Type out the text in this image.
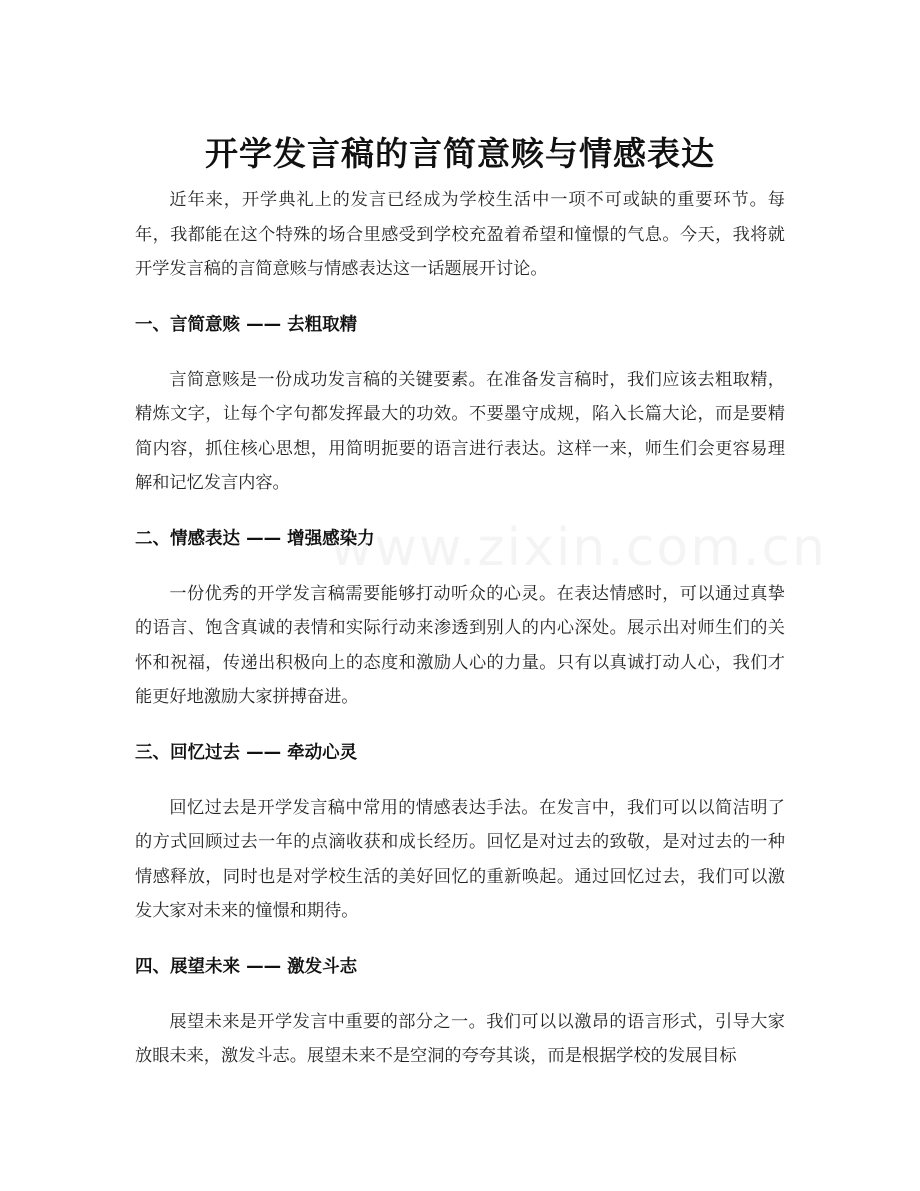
开学发言稿的言简意赅与情感表达

近年来，开学典礼上的发言已经成为学校生活中一项不可或缺的重要环节。每年，我都能在这个特殊的场合里感受到学校充盈着希望和憧憬的气息。今天，我将就开学发言稿的言简意赅与情感表达这一话题展开讨论。

一、言简意赅 —— 去粗取精

言简意赅是一份成功发言稿的关键要素。在准备发言稿时，我们应该去粗取精，精炼文字，让每个字句都发挥最大的功效。不要墨守成规，陷入长篇大论，而是要精简内容，抓住核心思想，用简明扼要的语言进行表达。这样一来，师生们会更容易理解和记忆发言内容。

二、情感表达 —— 增强感染力

一份优秀的开学发言稿需要能够打动听众的心灵。在表达情感时，可以通过真挚的语言、饱含真诚的表情和实际行动来渗透到别人的内心深处。展示出对师生们的关怀和祝福，传递出积极向上的态度和激励人心的力量。只有以真诚打动人心，我们才能更好地激励大家拼搏奋进。

三、回忆过去 —— 牵动心灵

回忆过去是开学发言稿中常用的情感表达手法。在发言中，我们可以以简洁明了的方式回顾过去一年的点滴收获和成长经历。回忆是对过去的致敬，是对过去的一种情感释放，同时也是对学校生活的美好回忆的重新唤起。通过回忆过去，我们可以激发大家对未来的憧憬和期待。

四、展望未来 —— 激发斗志

展望未来是开学发言中重要的部分之一。我们可以以激昂的语言形式，引导大家放眼未来，激发斗志。展望未来不是空洞的夸夸其谈，而是根据学校的发展目标
